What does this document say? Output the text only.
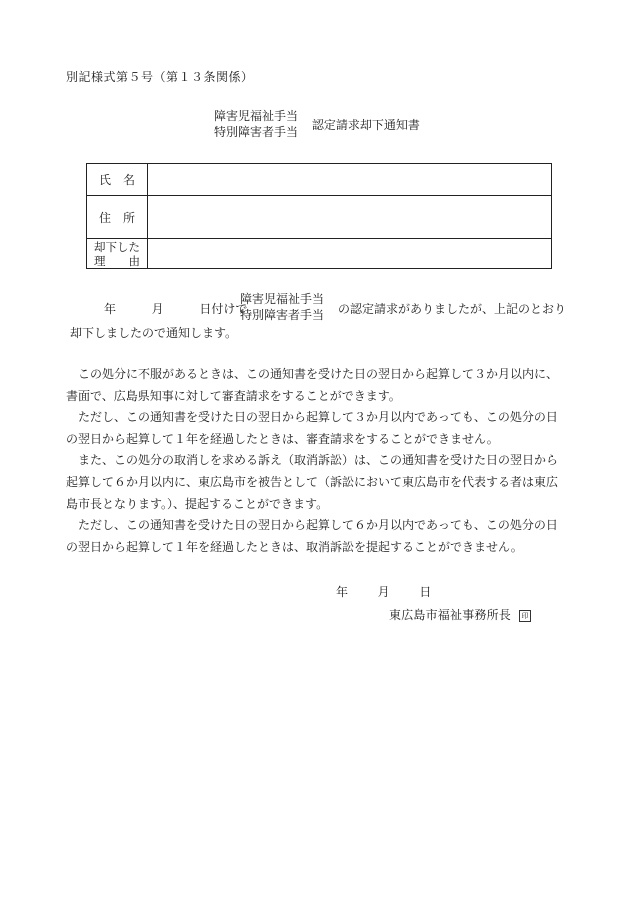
別記様式第５号（第１３条関係）
障害児福祉手当
特別障害者手当 認定請求却下通知書
氏　名	
住　所	
却下した
理　　由	
年	月	日付けで
障害児福祉手当
特別障害者手当 の認定請求がありましたが、上記のとおり
却下しましたので通知します。

この処分に不服があるときは、この通知書を受けた日の翌日から起算して３か月以内に、

書面で、広島県知事に対して審査請求をすることができます。

ただし、この通知書を受けた日の翌日から起算して３か月以内であっても、この処分の日

の翌日から起算して１年を経過したときは、審査請求をすることができません。

また、この処分の取消しを求める訴え（取消訴訟）は、この通知書を受けた日の翌日から

起算して６か月以内に、東広島市を被告として（訴訟において東広島市を代表する者は東広

島市長となります。）、提起することができます。

ただし、この通知書を受けた日の翌日から起算して６か月以内であっても、この処分の日

の翌日から起算して１年を経過したときは、取消訴訟を提起することができません。

年 月 日
東広島市福祉事務所長 印
